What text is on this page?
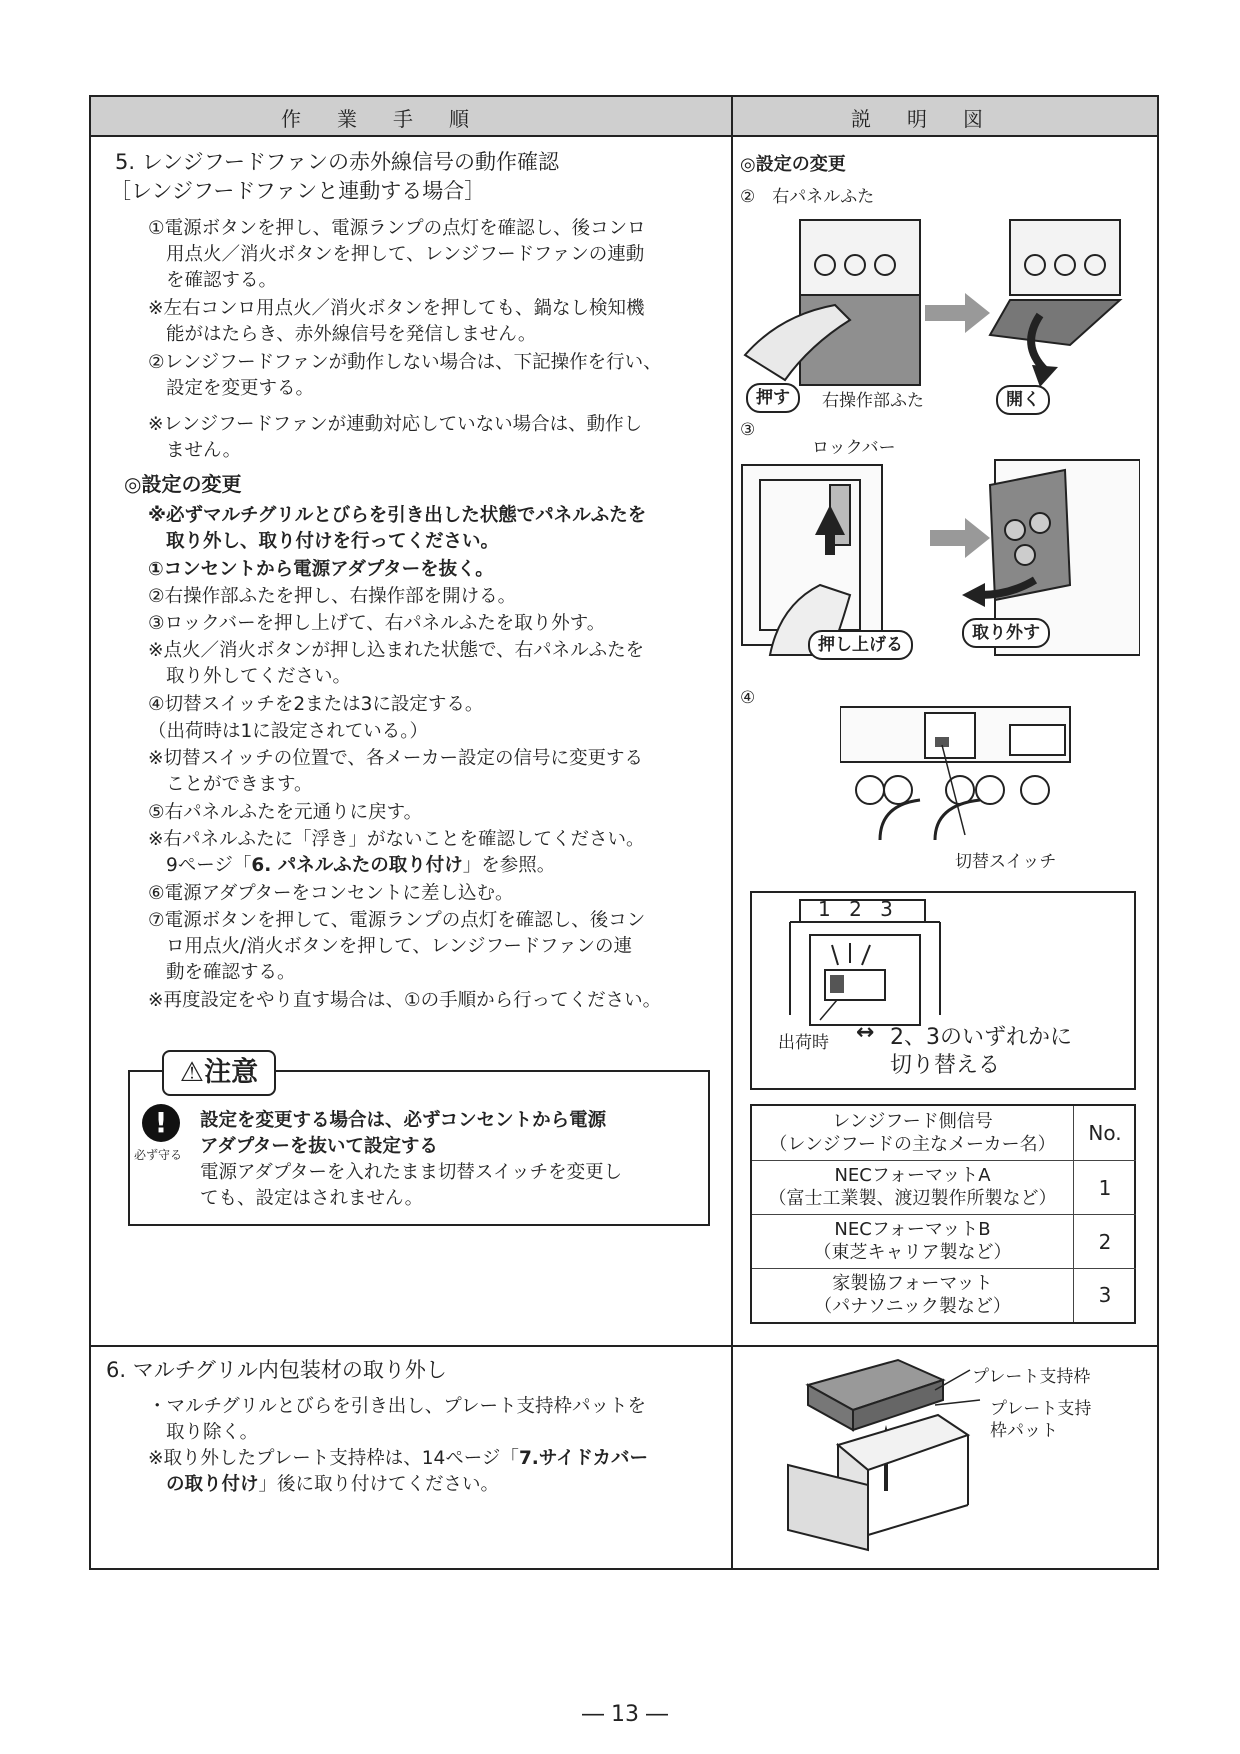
作業手順	説明図
5. レンジフードファンの赤外線信号の動作確認
［レンジフードファンと連動する場合］
①電源ボタンを押し、電源ランプの点灯を確認し、後コンロ
用点火／消火ボタンを押して、レンジフードファンの連動
を確認する。
※左右コンロ用点火／消火ボタンを押しても、鍋なし検知機
能がはたらき、赤外線信号を発信しません。
②レンジフードファンが動作しない場合は、下記操作を行い、
設定を変更する。
※レンジフードファンが連動対応していない場合は、動作し
ません。
◎設定の変更
※必ずマルチグリルとびらを引き出した状態でパネルふたを
取り外し、取り付けを行ってください。
①コンセントから電源アダプターを抜く。
②右操作部ふたを押し、右操作部を開ける。
③ロックバーを押し上げて、右パネルふたを取り外す。
※点火／消火ボタンが押し込まれた状態で、右パネルふたを
取り外してください。
④切替スイッチを2または3に設定する。
（出荷時は1に設定されている。）
※切替スイッチの位置で、各メーカー設定の信号に変更する
ことができます。
⑤右パネルふたを元通りに戻す。
※右パネルふたに「浮き」がないことを確認してください。
9ページ「6. パネルふたの取り付け」を参照。
⑥電源アダプターをコンセントに差し込む。
⑦電源ボタンを押して、電源ランプの点灯を確認し、後コン
ロ用点火/消火ボタンを押して、レンジフードファンの連
動を確認する。
※再度設定をやり直す場合は、①の手順から行ってください。
⚠注意
!
必ず守る
設定を変更する場合は、必ずコンセントから電源
アダプターを抜いて設定する
電源アダプターを入れたまま切替スイッチを変更し
ても、設定はされません。
◎設定の変更
②　右パネルふた
押す	右操作部ふた	開く
③
ロックバー
押し上げる
取り外す
④
切替スイッチ
1 2 3
出荷時 ↔ 2、3のいずれかに
切り替える
レンジフード側信号
（レンジフードの主なメーカー名）	No.
NECフォーマットA
（富士工業製、渡辺製作所製など）	1
NECフォーマットB
（東芝キャリア製など）	2
家製協フォーマット
（パナソニック製など）	3
6. マルチグリル内包装材の取り外し
・マルチグリルとびらを引き出し、プレート支持枠パットを
取り除く。
※取り外したプレート支持枠は、14ページ「7.サイドカバー
の取り付け」後に取り付けてください。
プレート支持枠
プレート支持
枠パット
― 13 ―
